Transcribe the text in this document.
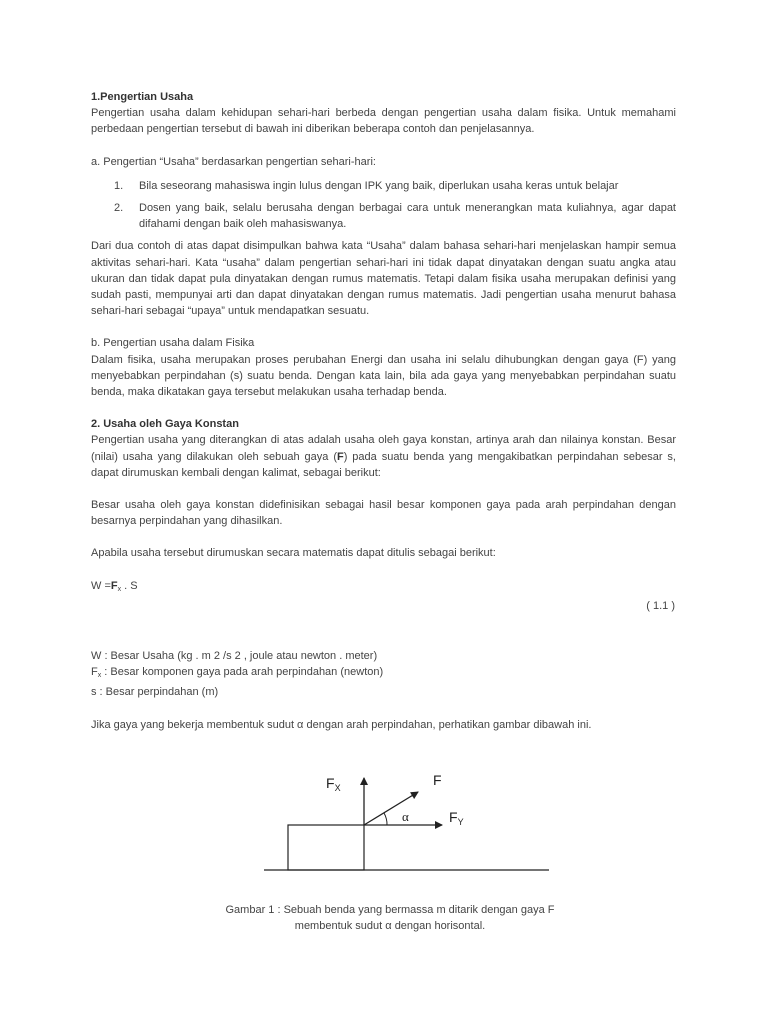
1.Pengertian Usaha

Pengertian usaha dalam kehidupan sehari-hari berbeda dengan pengertian usaha dalam fisika. Untuk memahami perbedaan pengertian tersebut di bawah ini diberikan beberapa contoh dan penjelasannya.

a. Pengertian “Usaha” berdasarkan pengertian sehari-hari:

1.	Bila seseorang mahasiswa ingin lulus dengan IPK yang baik, diperlukan usaha keras untuk belajar
2.	Dosen yang baik, selalu berusaha dengan berbagai cara untuk menerangkan mata kuliahnya, agar dapat difahami dengan baik oleh mahasiswanya.

Dari dua contoh di atas dapat disimpulkan bahwa kata “Usaha” dalam bahasa sehari-hari menjelaskan hampir semua aktivitas sehari-hari. Kata “usaha” dalam pengertian sehari-hari ini tidak dapat dinyatakan dengan suatu angka atau ukuran dan tidak dapat pula dinyatakan dengan rumus matematis. Tetapi dalam fisika usaha merupakan definisi yang sudah pasti, mempunyai arti dan dapat dinyatakan dengan rumus matematis. Jadi pengertian usaha menurut bahasa sehari-hari sebagai “upaya” untuk mendapatkan sesuatu.

b. Pengertian usaha dalam Fisika

Dalam fisika, usaha merupakan proses perubahan Energi dan usaha ini selalu dihubungkan dengan gaya (F) yang menyebabkan perpindahan (s) suatu benda. Dengan kata lain, bila ada gaya yang menyebabkan perpindahan suatu benda, maka dikatakan gaya tersebut melakukan usaha terhadap benda.

2. Usaha oleh Gaya Konstan

Pengertian usaha yang diterangkan di atas adalah usaha oleh gaya konstan, artinya arah dan nilainya konstan. Besar (nilai) usaha yang dilakukan oleh sebuah gaya (F) pada suatu benda yang mengakibatkan perpindahan sebesar s, dapat dirumuskan kembali dengan kalimat, sebagai berikut:

Besar usaha oleh gaya konstan didefinisikan sebagai hasil besar komponen gaya pada arah perpindahan dengan besarnya perpindahan yang dihasilkan.

Apabila usaha tersebut dirumuskan secara matematis dapat ditulis sebagai berikut:

$W =F_x$ . S

( 1.1 )

W : Besar Usaha (kg . m 2 /s 2 , joule atau newton . meter)

$F_x$ : Besar komponen gaya pada arah perpindahan (newton)

s : Besar perpindahan (m)

Jika gaya yang bekerja membentuk sudut α dengan arah perpindahan, perhatikan gambar dibawah ini.

$F_X$	F
α	$F_Y$
Gambar 1 : Sebuah benda yang bermassa m ditarik dengan gaya F
membentuk sudut α dengan horisontal.
